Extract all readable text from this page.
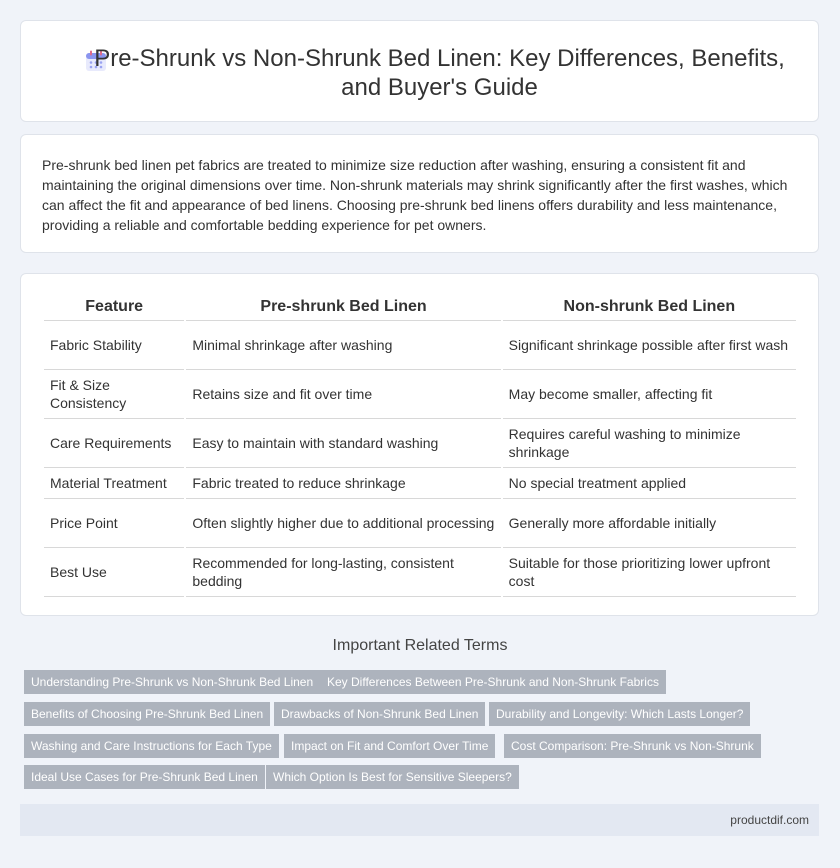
Pre-Shrunk vs Non-Shrunk Bed Linen: Key Differences, Benefits, and Buyer's Guide

Pre-shrunk bed linen pet fabrics are treated to minimize size reduction after washing, ensuring a consistent fit and maintaining the original dimensions over time. Non-shrunk materials may shrink significantly after the first washes, which can affect the fit and appearance of bed linens. Choosing pre-shrunk bed linens offers durability and less maintenance, providing a reliable and comfortable bedding experience for pet owners.

Feature	Pre-shrunk Bed Linen	Non-shrunk Bed Linen
Fabric Stability	Minimal shrinkage after washing	Significant shrinkage possible after first wash
Fit & Size Consistency	Retains size and fit over time	May become smaller, affecting fit
Care Requirements	Easy to maintain with standard washing	Requires careful washing to minimize shrinkage
Material Treatment	Fabric treated to reduce shrinkage	No special treatment applied
Price Point	Often slightly higher due to additional processing	Generally more affordable initially
Best Use	Recommended for long-lasting, consistent bedding	Suitable for those prioritizing lower upfront cost
Important Related Terms
Understanding Pre-Shrunk vs Non-Shrunk Bed Linen	Key Differences Between Pre-Shrunk and Non-Shrunk Fabrics
Benefits of Choosing Pre-Shrunk Bed Linen	Drawbacks of Non-Shrunk Bed Linen	Durability and Longevity: Which Lasts Longer?
Washing and Care Instructions for Each Type	Impact on Fit and Comfort Over Time	Cost Comparison: Pre-Shrunk vs Non-Shrunk
Ideal Use Cases for Pre-Shrunk Bed Linen	Which Option Is Best for Sensitive Sleepers?
productdif.com
